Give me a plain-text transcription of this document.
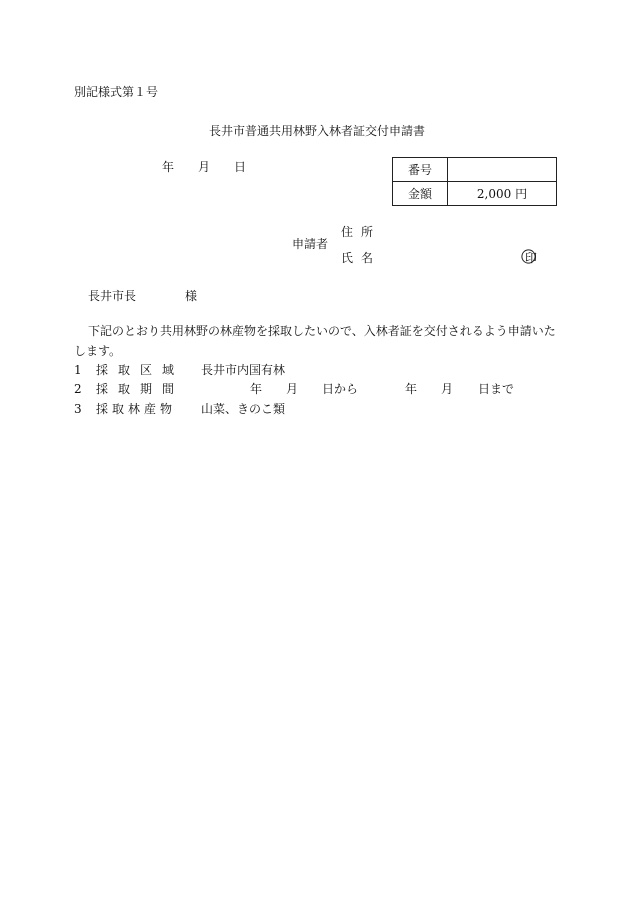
別記様式第１号
長井市普通共用林野入林者証交付申請書
年 月 日	番号	
金額	2,000 円
申請者
住所
氏名	印
長井市長	様
下記のとおり共用林野の林産物を採取したいので、入林者証を交付されるよう申請いた
します。
1 採取区域 長井市内国有林
2 採取期間	年 月 日から	年 月 日まで
3 採取林産物 山菜、きのこ類
